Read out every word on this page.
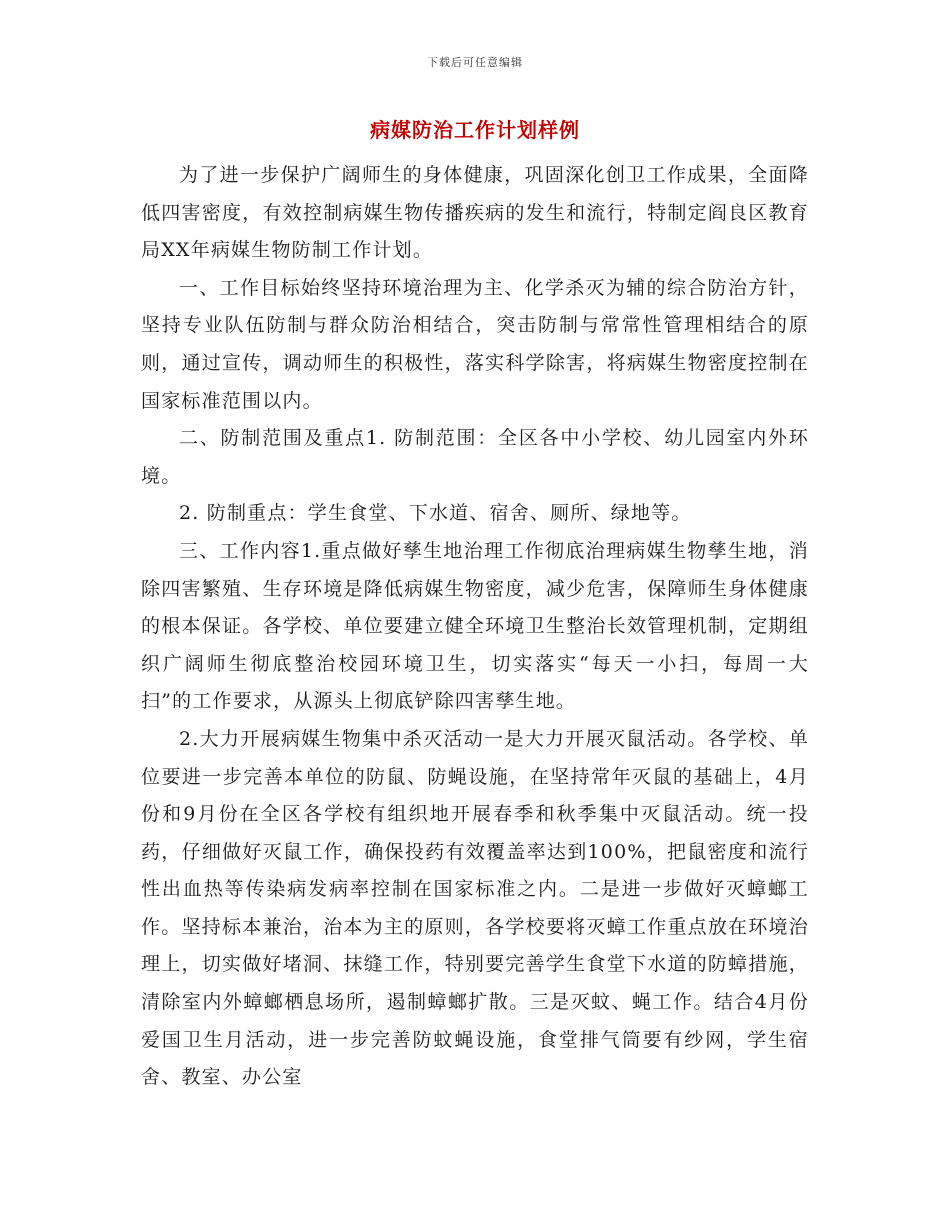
下载后可任意编辑
病媒防治工作计划样例

为了进一步保护广阔师生的身体健康，巩固深化创卫工作成果，全面降低四害密度，有效控制病媒生物传播疾病的发生和流行，特制定阎良区教育局XX年病媒生物防制工作计划。

一、工作目标始终坚持环境治理为主、化学杀灭为辅的综合防治方针，坚持专业队伍防制与群众防治相结合，突击防制与常常性管理相结合的原则，通过宣传，调动师生的积极性，落实科学除害，将病媒生物密度控制在国家标准范围以内。

二、防制范围及重点1. 防制范围：全区各中小学校、幼儿园室内外环境。

2. 防制重点：学生食堂、下水道、宿舍、厕所、绿地等。

三、工作内容1.重点做好孳生地治理工作彻底治理病媒生物孳生地，消除四害繁殖、生存环境是降低病媒生物密度，减少危害，保障师生身体健康的根本保证。各学校、单位要建立健全环境卫生整治长效管理机制，定期组织广阔师生彻底整治校园环境卫生，切实落实“每天一小扫，每周一大扫”的工作要求，从源头上彻底铲除四害孳生地。

2.大力开展病媒生物集中杀灭活动一是大力开展灭鼠活动。各学校、单位要进一步完善本单位的防鼠、防蝇设施，在坚持常年灭鼠的基础上，4月份和9月份在全区各学校有组织地开展春季和秋季集中灭鼠活动。统一投药，仔细做好灭鼠工作，确保投药有效覆盖率达到100%，把鼠密度和流行性出血热等传染病发病率控制在国家标准之内。二是进一步做好灭蟑螂工作。坚持标本兼治，治本为主的原则，各学校要将灭蟑工作重点放在环境治理上，切实做好堵洞、抹缝工作，特别要完善学生食堂下水道的防蟑措施，清除室内外蟑螂栖息场所，遏制蟑螂扩散。三是灭蚊、蝇工作。结合4月份爱国卫生月活动，进一步完善防蚊蝇设施，食堂排气筒要有纱网，学生宿舍、教室、办公室
